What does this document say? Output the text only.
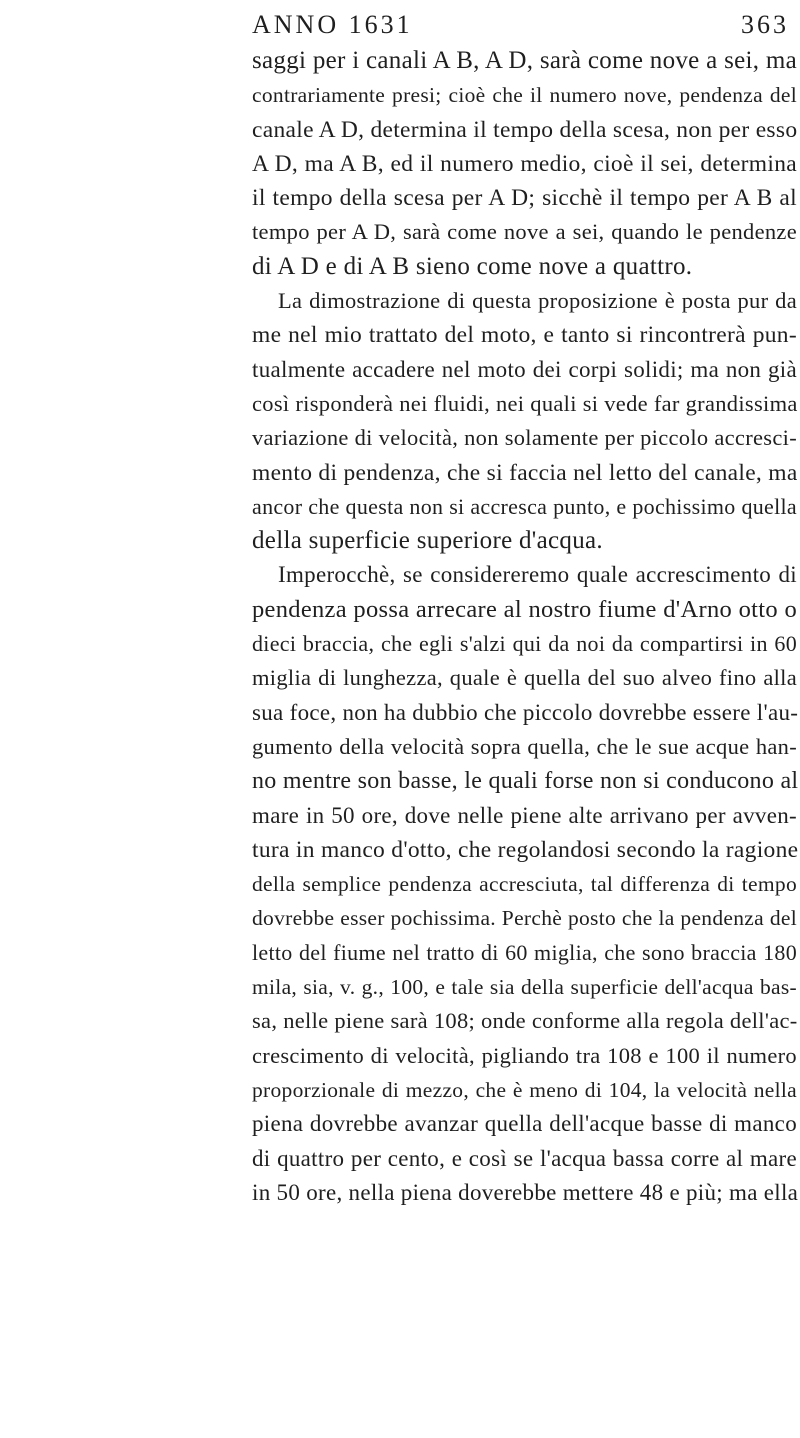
ANNO 1631	363
saggi per i canali A B, A D, sarà come nove a sei, ma
contrariamente presi; cioè che il numero nove, pendenza del
canale A D, determina il tempo della scesa, non per esso
A D, ma A B, ed il numero medio, cioè il sei, determina
il tempo della scesa per A D; sicchè il tempo per A B al
tempo per A D, sarà come nove a sei, quando le pendenze
di A D e di A B sieno come nove a quattro.
La dimostrazione di questa proposizione è posta pur da
me nel mio trattato del moto, e tanto si rincontrerà pun-
tualmente accadere nel moto dei corpi solidi; ma non già
così risponderà nei fluidi, nei quali si vede far grandissima
variazione di velocità, non solamente per piccolo accresci-
mento di pendenza, che si faccia nel letto del canale, ma
ancor che questa non si accresca punto, e pochissimo quella
della superficie superiore d'acqua.
Imperocchè, se considereremo quale accrescimento di
pendenza possa arrecare al nostro fiume d'Arno otto o
dieci braccia, che egli s'alzi qui da noi da compartirsi in 60
miglia di lunghezza, quale è quella del suo alveo fino alla
sua foce, non ha dubbio che piccolo dovrebbe essere l'au-
gumento della velocità sopra quella, che le sue acque han-
no mentre son basse, le quali forse non si conducono al
mare in 50 ore, dove nelle piene alte arrivano per avven-
tura in manco d'otto, che regolandosi secondo la ragione
della semplice pendenza accresciuta, tal differenza di tempo
dovrebbe esser pochissima. Perchè posto che la pendenza del
letto del fiume nel tratto di 60 miglia, che sono braccia 180
mila, sia, v. g., 100, e tale sia della superficie dell'acqua bas-
sa, nelle piene sarà 108; onde conforme alla regola dell'ac-
crescimento di velocità, pigliando tra 108 e 100 il numero
proporzionale di mezzo, che è meno di 104, la velocità nella
piena dovrebbe avanzar quella dell'acque basse di manco
di quattro per cento, e così se l'acqua bassa corre al mare
in 50 ore, nella piena doverebbe mettere 48 e più; ma ella
